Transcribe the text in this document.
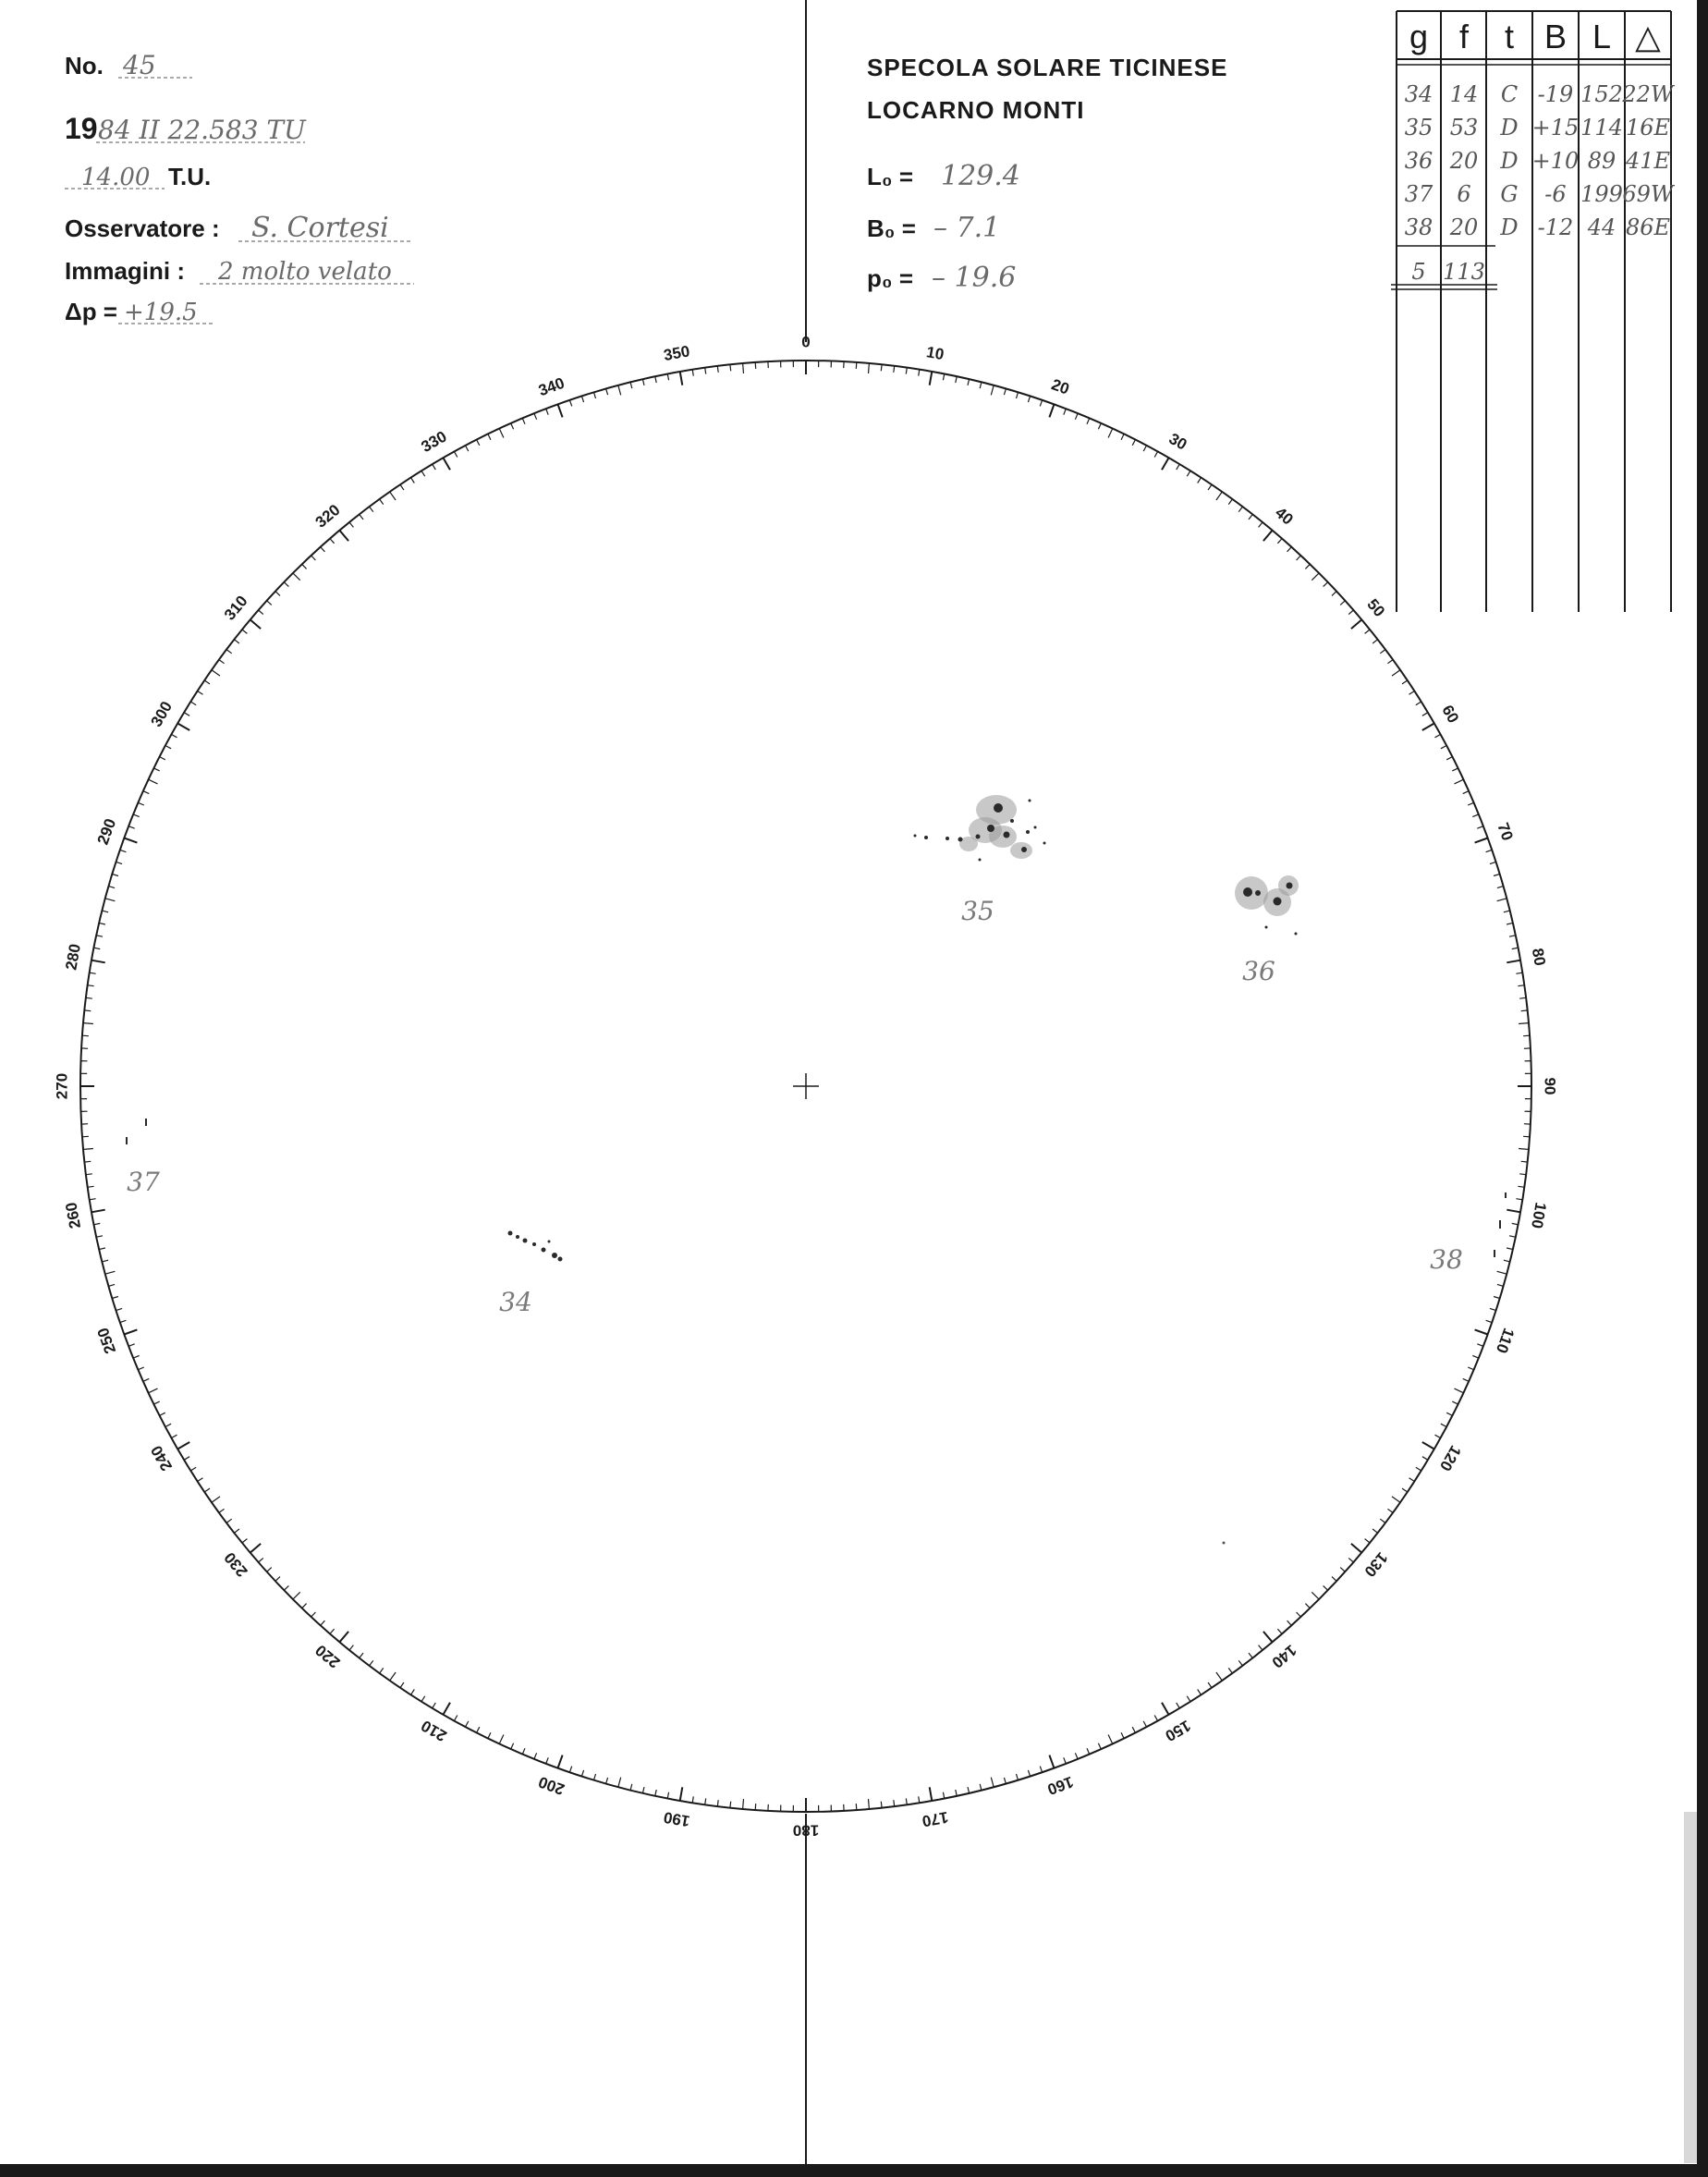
No. 45
19 84 II 22.583 TU
14.00 T.U.
Osservatore : S. Cortesi
Immagini : 2 molto velato
Δp = +19.5
SPECOLA SOLARE TICINESE
LOCARNO MONTI
L₀ = 129.4
B₀ = – 7.1
p₀ = – 19.6
g f t B L △
34 14 C -19 152 22W
35 53 D +15 114 16E
36 20 D +10 89 41E
37 6 G -6 199 69W
38 20 D -12 44 86E
5 113
0
10
20
30
40
50
60
70
80
90
100
110
120
130
140
150
160
170
180
190
200
210
220
230
240
250
260
270
280
290
300
310
320
330
340
350
35
36
34
37
38
